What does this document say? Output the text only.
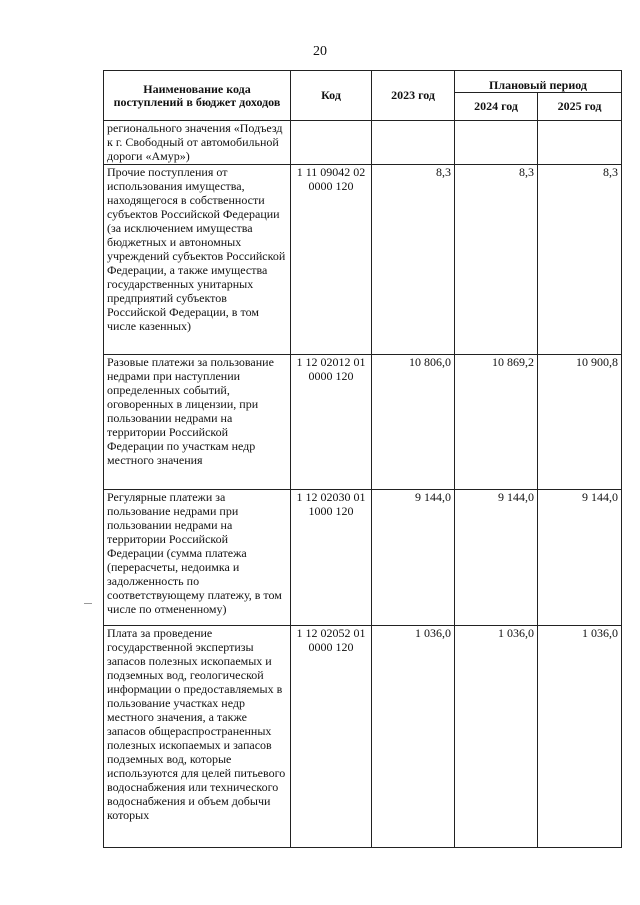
20
Наименование кода поступлений в бюджет доходов	Код	2023 год	Плановый период	
			2024 год	2025 год
регионального значения «Подъезд к г. Свободный от автомобильной дороги «Амур»)				
Прочие поступления от использования имущества, находящегося в собственности субъектов Российской Федерации (за исключением имущества бюджетных и автономных учреждений субъектов Российской Федерации, а также имущества государственных унитарных предприятий субъектов Российской Федерации, в том числе казенных)	1 11 09042 02 0000 120	8,3	8,3	8,3
Разовые платежи за пользование недрами при наступлении определенных событий, оговоренных в лицензии, при пользовании недрами на территории Российской Федерации по участкам недр местного значения	1 12 02012 01 0000 120	10 806,0	10 869,2	10 900,8
Регулярные платежи за пользование недрами при пользовании недрами на территории Российской Федерации (сумма платежа (перерасчеты, недоимка и задолженность по соответствующему платежу, в том числе по отмененному)	1 12 02030 01 1000 120	9 144,0	9 144,0	9 144,0
Плата за проведение государственной экспертизы запасов полезных ископаемых и подземных вод, геологической информации о предоставляемых в пользование участках недр местного значения, а также запасов общераспространенных полезных ископаемых и запасов подземных вод, которые используются для целей питьевого водоснабжения или технического водоснабжения и объем добычи которых	1 12 02052 01 0000 120	1 036,0	1 036,0	1 036,0
